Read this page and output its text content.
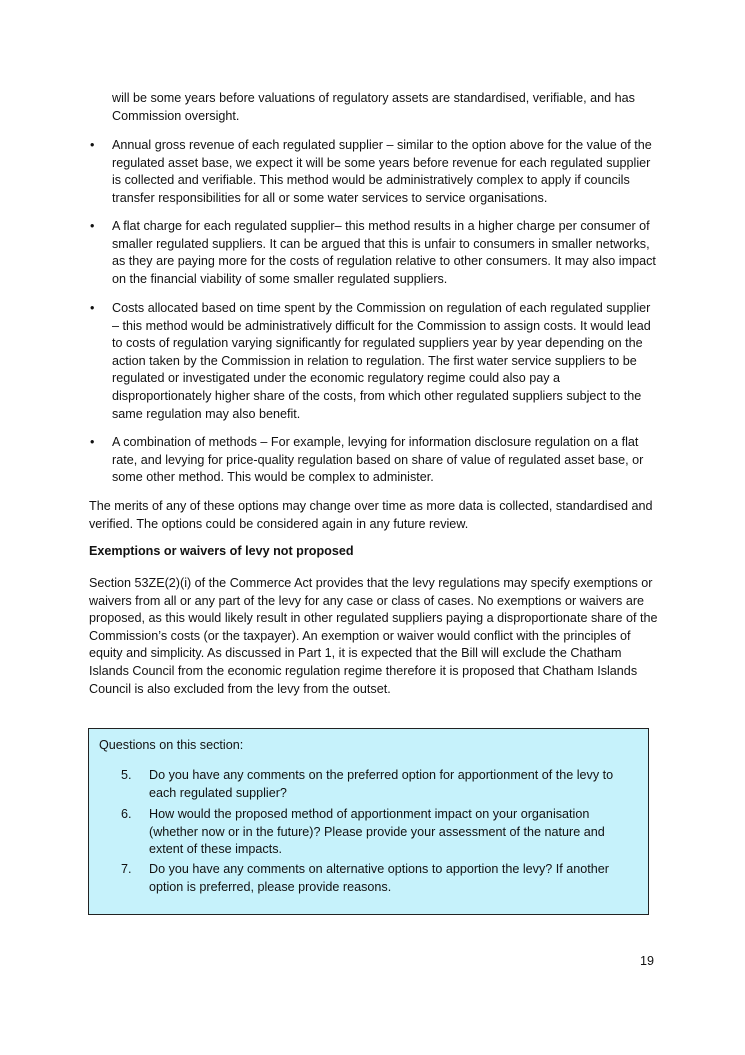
will be some years before valuations of regulatory assets are standardised, verifiable, and has Commission oversight.

• Annual gross revenue of each regulated supplier – similar to the option above for the value of the regulated asset base, we expect it will be some years before revenue for each regulated supplier is collected and verifiable. This method would be administratively complex to apply if councils transfer responsibilities for all or some water services to service organisations.
• A flat charge for each regulated supplier– this method results in a higher charge per consumer of smaller regulated suppliers. It can be argued that this is unfair to consumers in smaller networks, as they are paying more for the costs of regulation relative to other consumers. It may also impact on the financial viability of some smaller regulated suppliers.
• Costs allocated based on time spent by the Commission on regulation of each regulated supplier – this method would be administratively difficult for the Commission to assign costs. It would lead to costs of regulation varying significantly for regulated suppliers year by year depending on the action taken by the Commission in relation to regulation. The first water service suppliers to be regulated or investigated under the economic regulatory regime could also pay a disproportionately higher share of the costs, from which other regulated suppliers subject to the same regulation may also benefit.
• A combination of methods – For example, levying for information disclosure regulation on a flat rate, and levying for price-quality regulation based on share of value of regulated asset base, or some other method. This would be complex to administer.

The merits of any of these options may change over time as more data is collected, standardised and verified. The options could be considered again in any future review.

Exemptions or waivers of levy not proposed

Section 53ZE(2)(i) of the Commerce Act provides that the levy regulations may specify exemptions or waivers from all or any part of the levy for any case or class of cases. No exemptions or waivers are proposed, as this would likely result in other regulated suppliers paying a disproportionate share of the Commission’s costs (or the taxpayer). An exemption or waiver would conflict with the principles of equity and simplicity. As discussed in Part 1, it is expected that the Bill will exclude the Chatham Islands Council from the economic regulation regime therefore it is proposed that Chatham Islands Council is also excluded from the levy from the outset.

Questions on this section:

5. Do you have any comments on the preferred option for apportionment of the levy to each regulated supplier?
6. How would the proposed method of apportionment impact on your organisation (whether now or in the future)? Please provide your assessment of the nature and extent of these impacts.
7. Do you have any comments on alternative options to apportion the levy? If another option is preferred, please provide reasons.

19
